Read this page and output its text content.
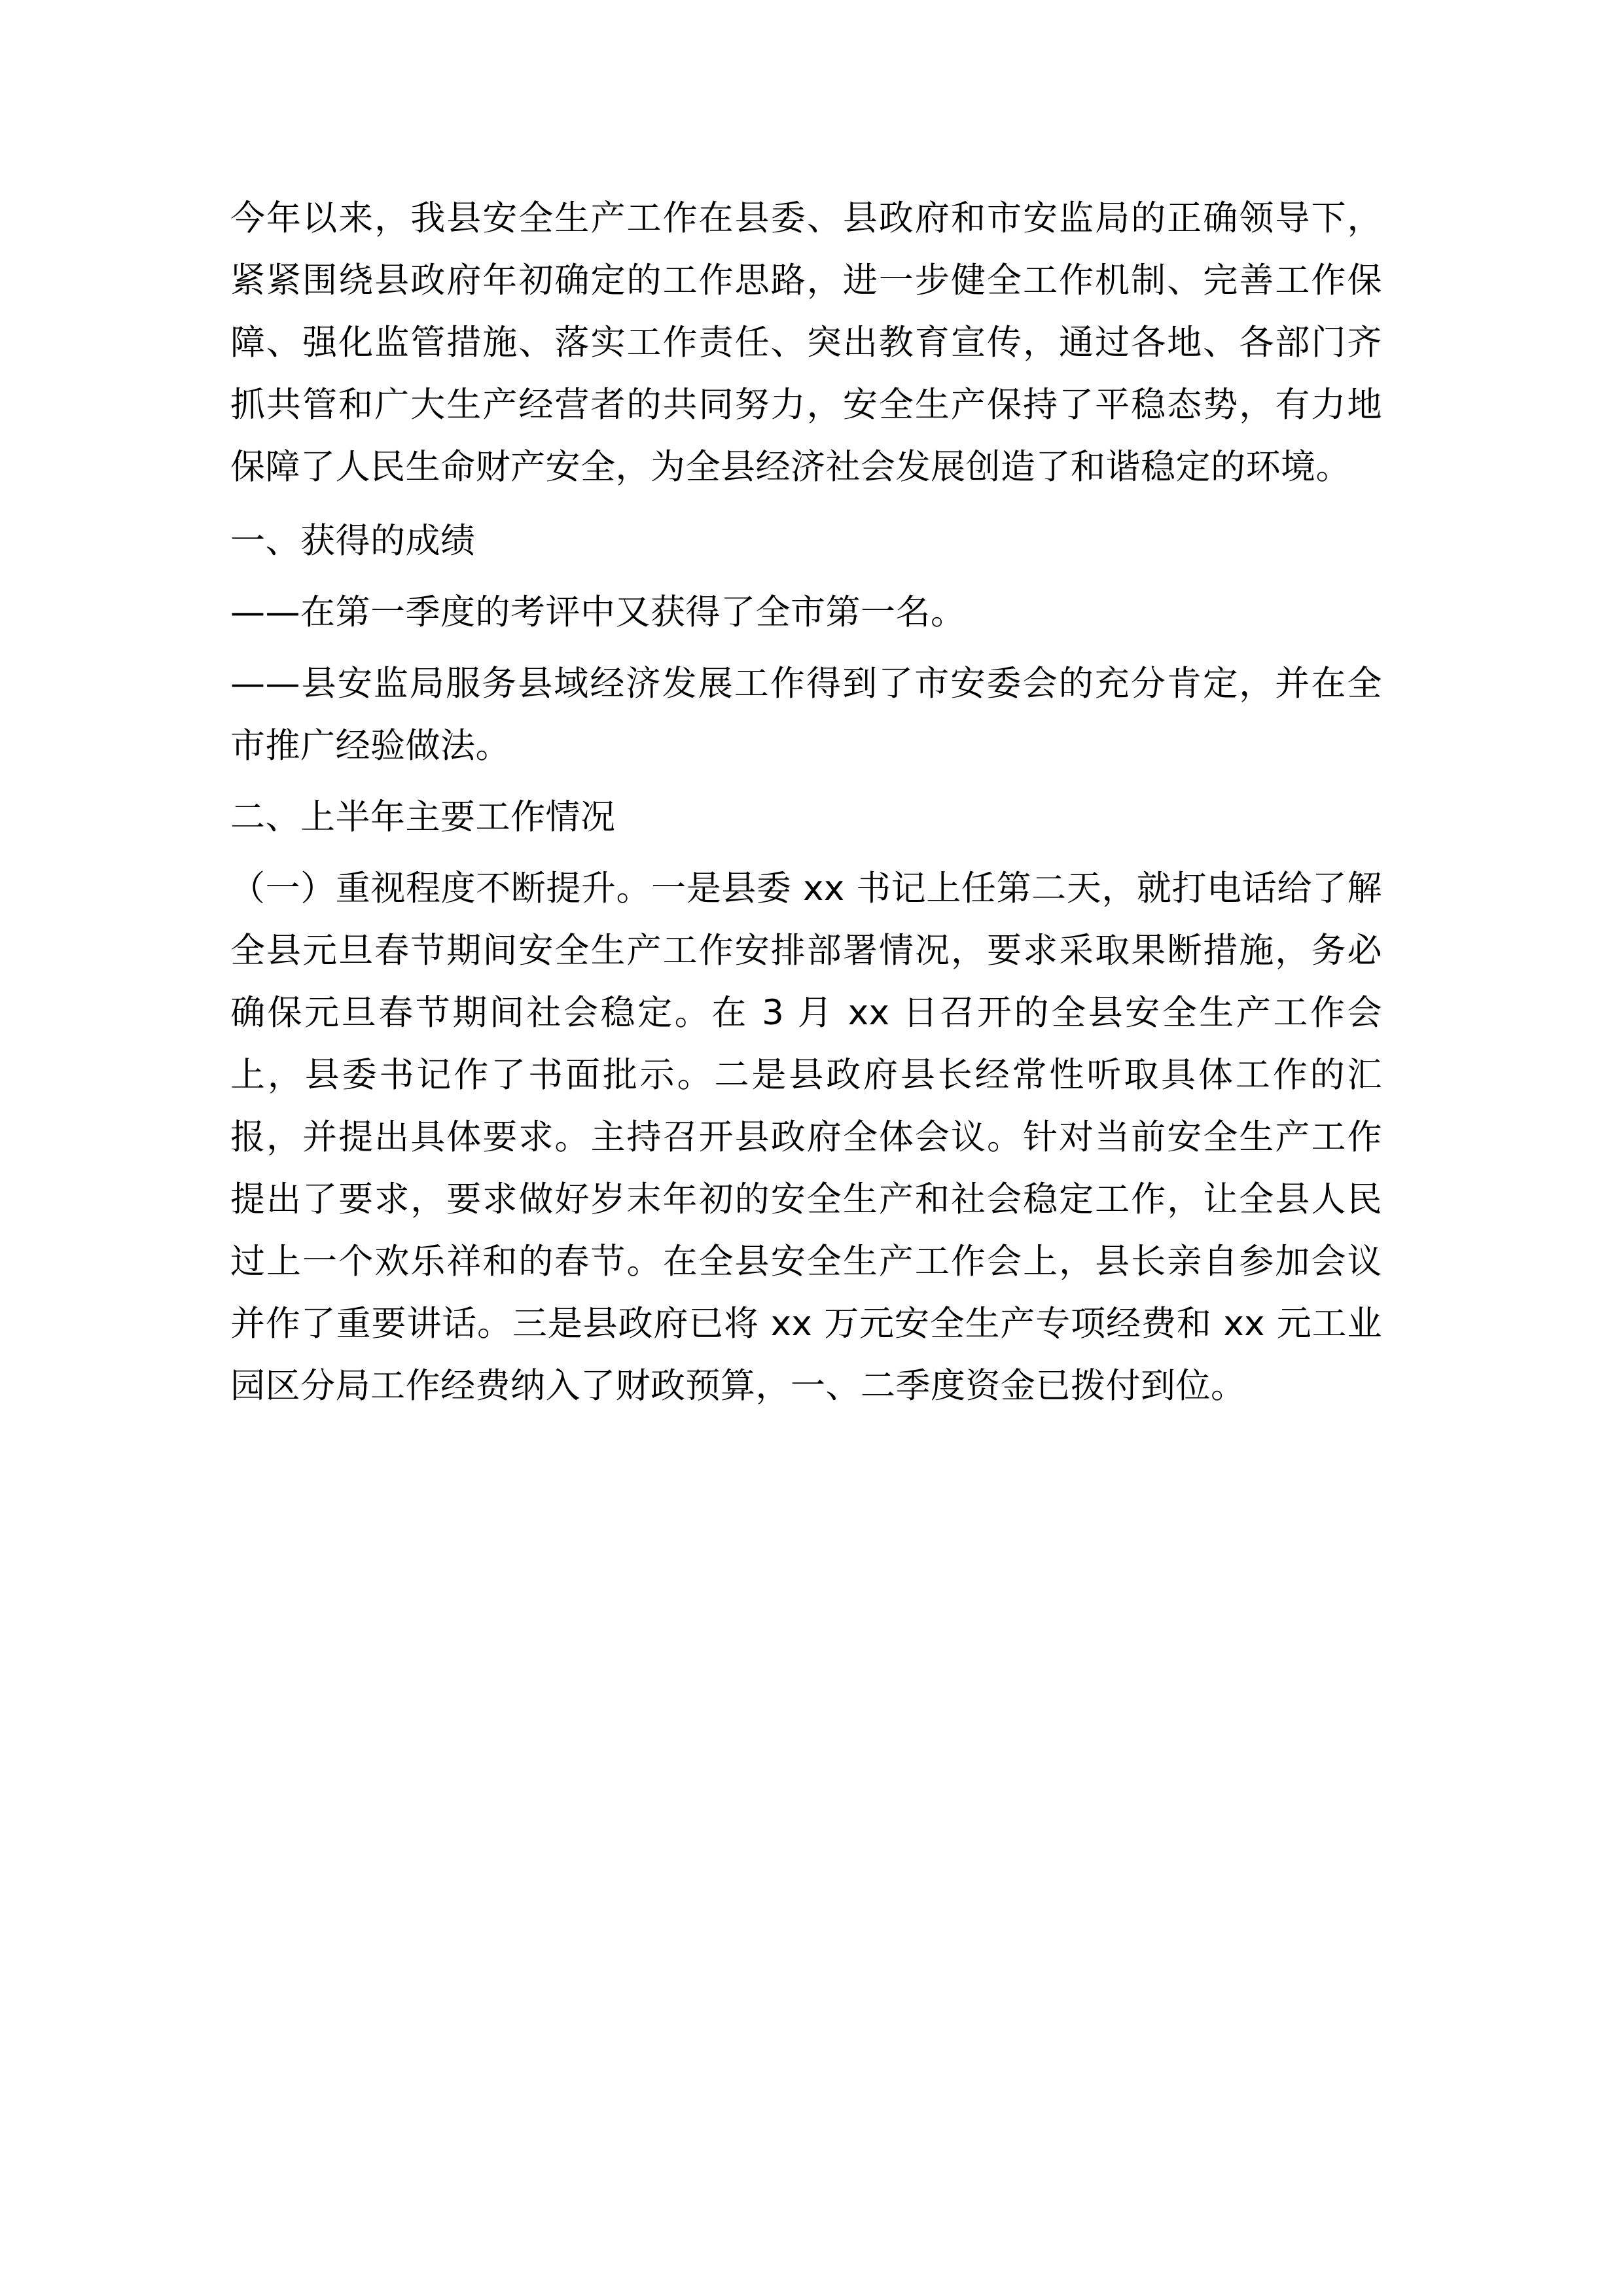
今年以来，我县安全生产工作在县委、县政府和市安监局的正确领导下，紧紧围绕县政府年初确定的工作思路，进一步健全工作机制、完善工作保障、强化监管措施、落实工作责任、突出教育宣传，通过各地、各部门齐抓共管和广大生产经营者的共同努力，安全生产保持了平稳态势，有力地保障了人民生命财产安全，为全县经济社会发展创造了和谐稳定的环境。

一、获得的成绩

——在第一季度的考评中又获得了全市第一名。

——县安监局服务县域经济发展工作得到了市安委会的充分肯定，并在全市推广经验做法。

二、上半年主要工作情况

（一）重视程度不断提升。一是县委 xx 书记上任第二天，就打电话给了解全县元旦春节期间安全生产工作安排部署情况，要求采取果断措施，务必确保元旦春节期间社会稳定。在 3 月 xx 日召开的全县安全生产工作会上，县委书记作了书面批示。二是县政府县长经常性听取具体工作的汇报，并提出具体要求。主持召开县政府全体会议。针对当前安全生产工作提出了要求，要求做好岁末年初的安全生产和社会稳定工作，让全县人民过上一个欢乐祥和的春节。在全县安全生产工作会上，县长亲自参加会议并作了重要讲话。三是县政府已将 xx 万元安全生产专项经费和 xx 元工业园区分局工作经费纳入了财政预算，一、二季度资金已拨付到位。
